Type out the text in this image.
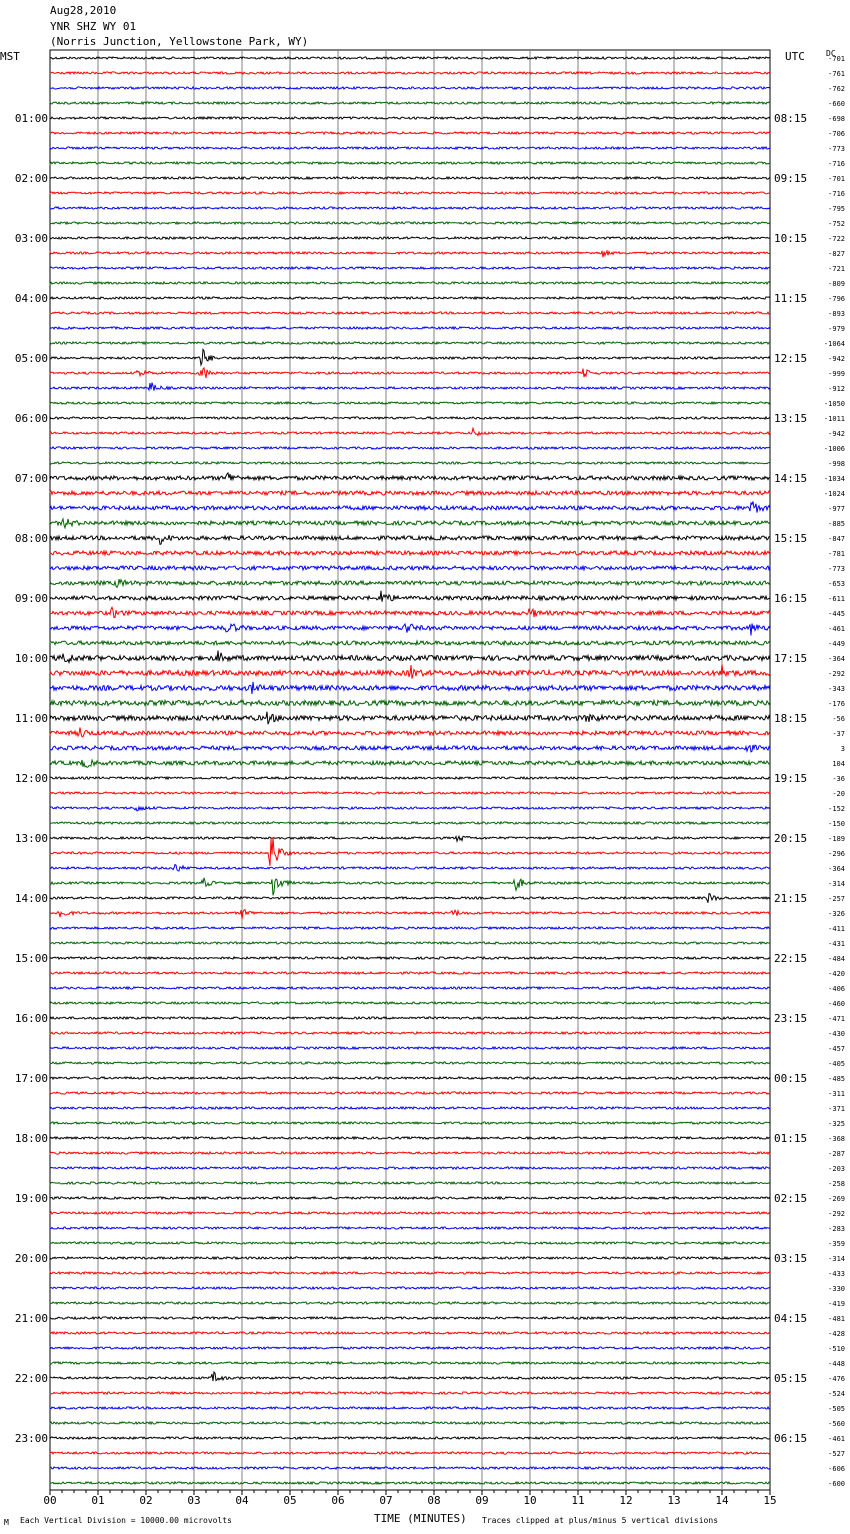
00	01	02	03	04	05	06	07	08	09	10	11	12	13	14	15
-701
-761
-762
-660
-698
-706
-773
-716
-701
-716
-795
-752
-722
-827
-721
-809
-796
-893
-979
-1064
-942
-999
-912
-1050
-1011
-942
-1006
-998
-1034
-1024
-977
-885
-847
-781
-773
-653
-611
-445
-461
-449
-364
-292
-343
-176
-56
-37
3
104
-36
-20
-152
-150
-189
-296
-364
-314
-257
-326
-411
-431
-484
-420
-406
-460
-471
-430
-457
-405
-485
-311
-371
-325
-368
-287
-203
-258
-269
-292
-283
-359
-314
-433
-330
-419
-481
-428
-510
-448
-476
-524
-505
-560
-461
-527
-606
-600
DC
01:00	08:15
02:00	09:15
03:00	10:15
04:00	11:15
05:00	12:15
06:00	13:15
07:00	14:15
08:00	15:15
09:00	16:15
10:00	17:15
11:00	18:15
12:00	19:15
13:00	20:15
14:00	21:15
15:00	22:15
16:00	23:15
17:00	00:15
18:00	01:15
19:00	02:15
20:00	03:15
21:00	04:15
22:00	05:15
23:00	06:15
Aug28,2010
YNR SHZ WY 01
(Norris Junction, Yellowstone Park, WY)
MST	UTC
Each Vertical Division = 10000.00 microvolts	TIME (MINUTES) Traces clipped at plus/minus 5 vertical divisions
M
